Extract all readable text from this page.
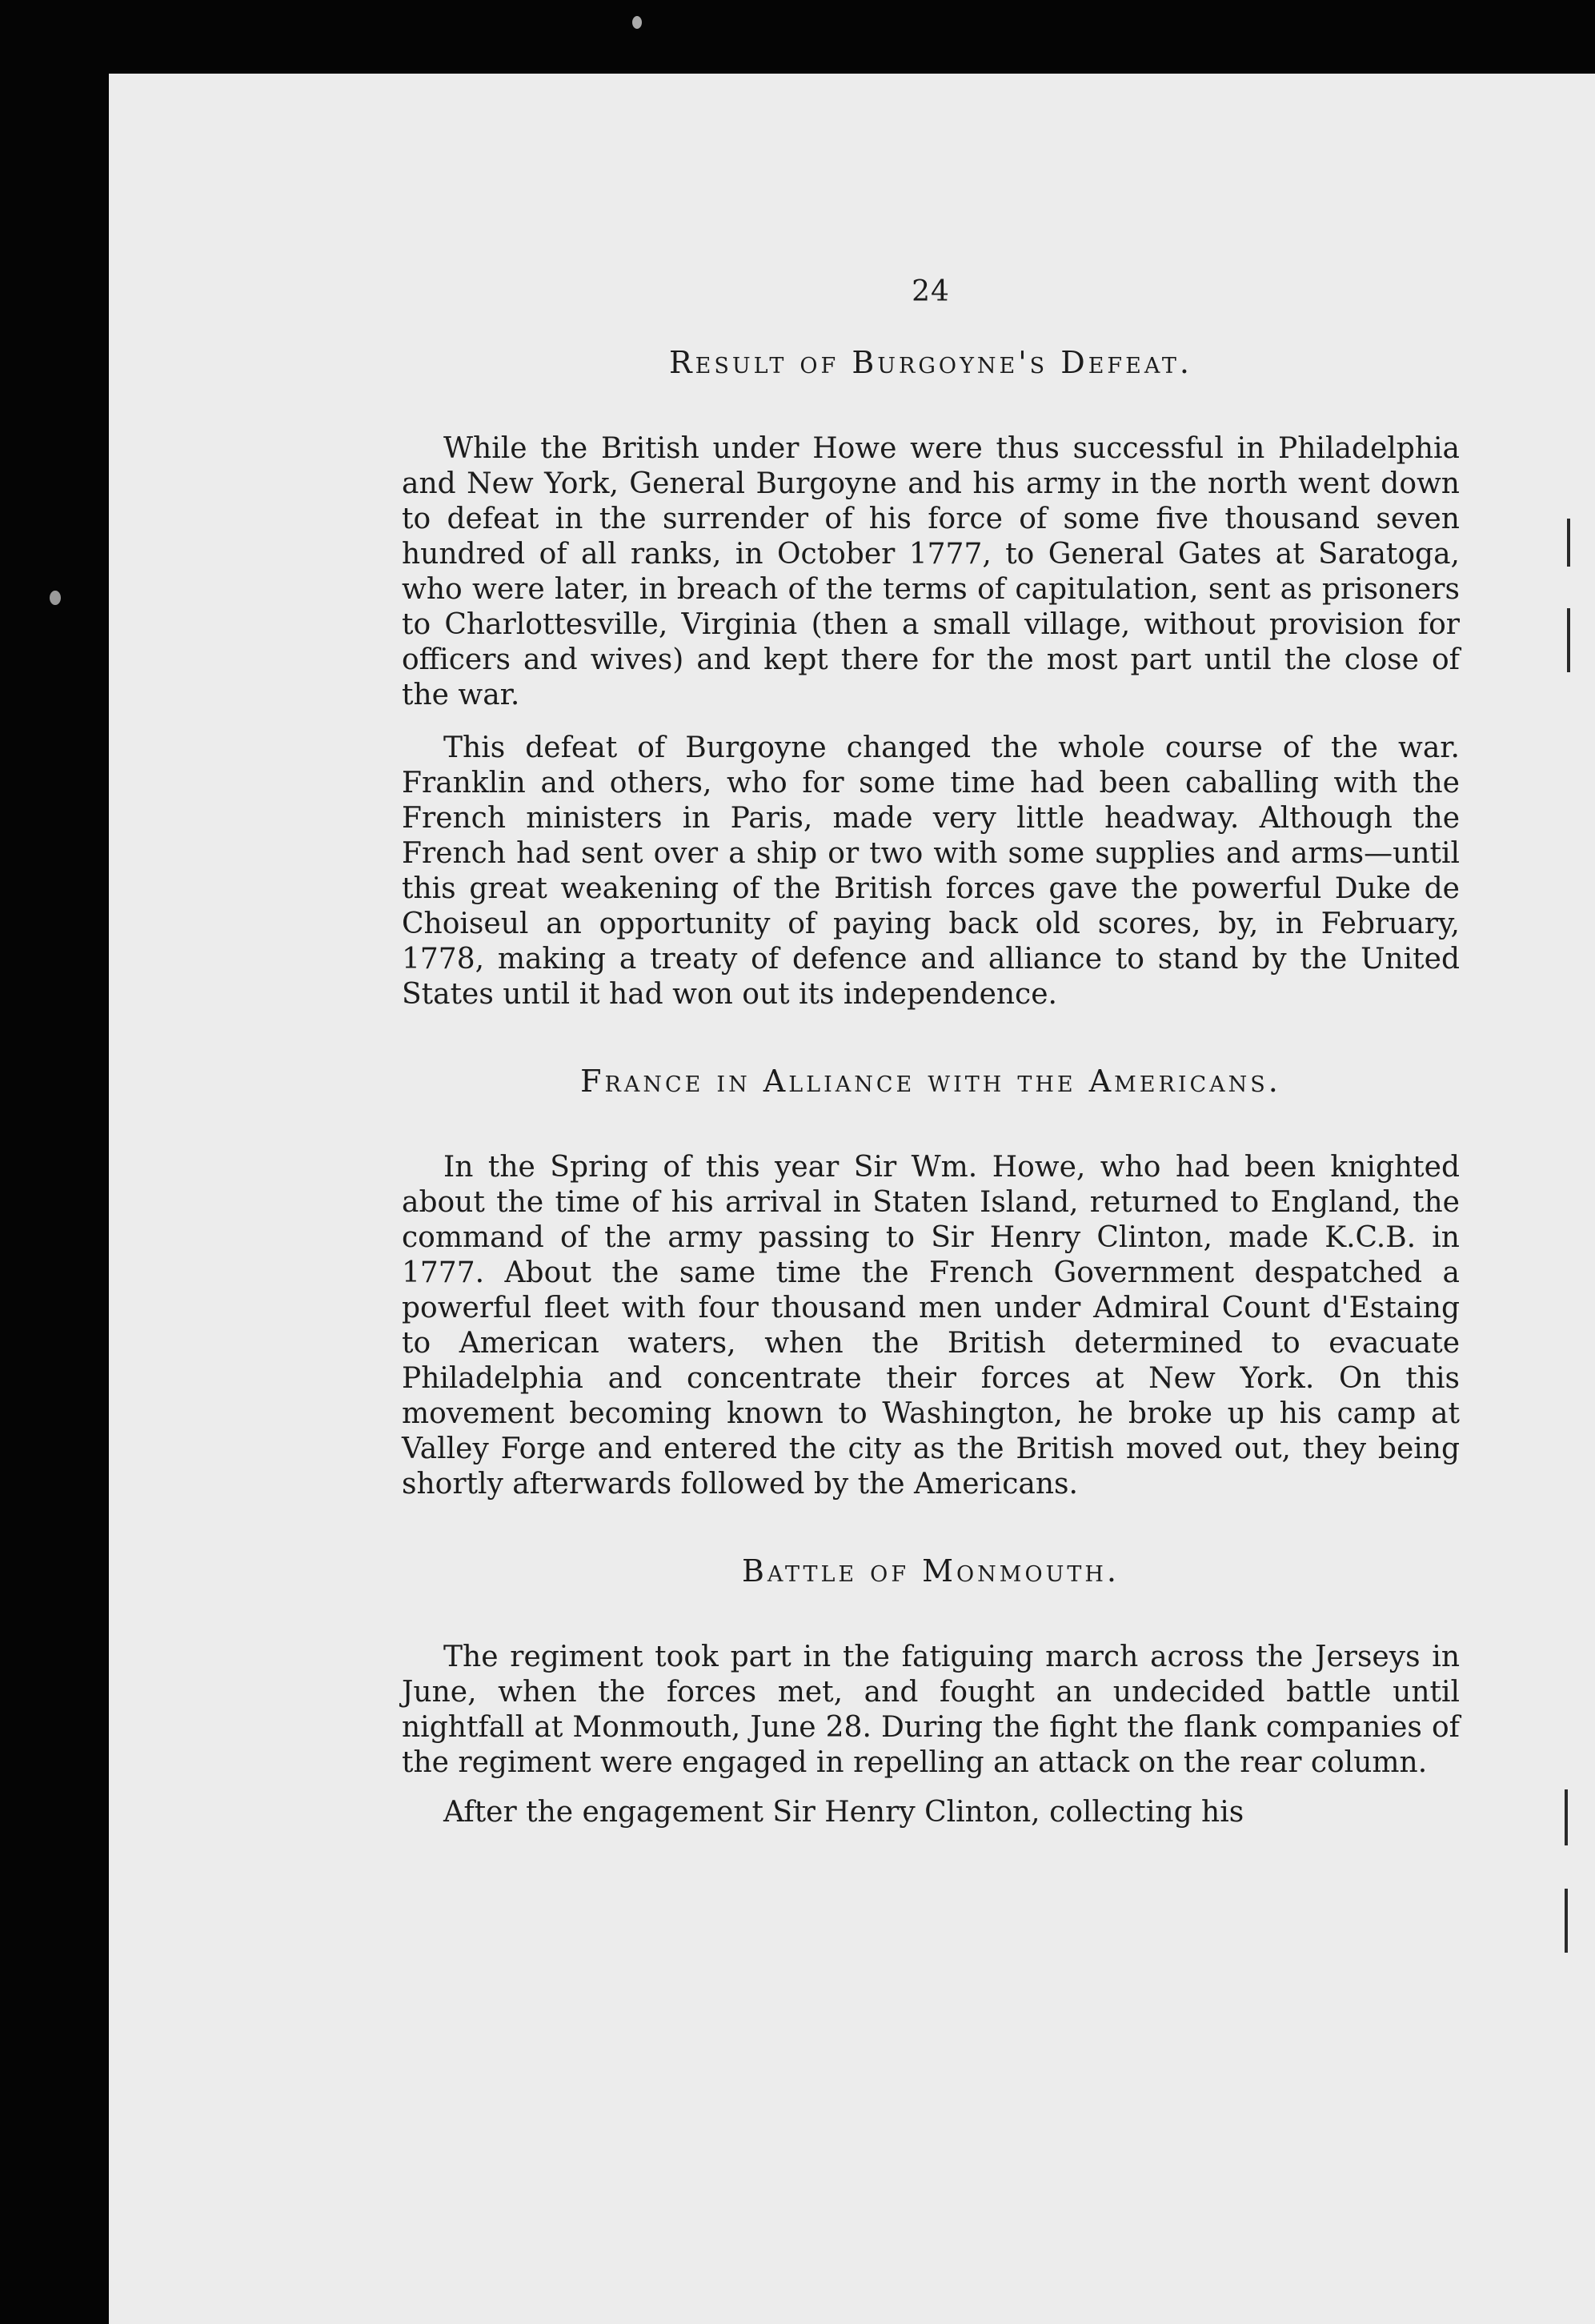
24
Result of Burgoyne's Defeat.

While the British under Howe were thus successful in Philadelphia and New York, General Burgoyne and his army in the north went down to defeat in the surrender of his force of some five thousand seven hundred of all ranks, in October 1777, to General Gates at Saratoga, who were later, in breach of the terms of capitulation, sent as prisoners to Charlottesville, Virginia (then a small village, without provision for officers and wives) and kept there for the most part until the close of the war.

This defeat of Burgoyne changed the whole course of the war. Franklin and others, who for some time had been caballing with the French ministers in Paris, made very little headway. Although the French had sent over a ship or two with some supplies and arms—until this great weakening of the British forces gave the powerful Duke de Choiseul an opportunity of paying back old scores, by, in February, 1778, making a treaty of defence and alliance to stand by the United States until it had won out its independence.

France in Alliance with the Americans.

In the Spring of this year Sir Wm. Howe, who had been knighted about the time of his arrival in Staten Island, returned to England, the command of the army passing to Sir Henry Clinton, made K.C.B. in 1777. About the same time the French Government despatched a powerful fleet with four thousand men under Admiral Count d'Estaing to American waters, when the British determined to evacuate Philadelphia and concentrate their forces at New York. On this movement becoming known to Washington, he broke up his camp at Valley Forge and entered the city as the British moved out, they being shortly afterwards followed by the Americans.

Battle of Monmouth.

The regiment took part in the fatiguing march across the Jerseys in June, when the forces met, and fought an undecided battle until nightfall at Monmouth, June 28. During the fight the flank companies of the regiment were engaged in repelling an attack on the rear column.

After the engagement Sir Henry Clinton, collecting his
